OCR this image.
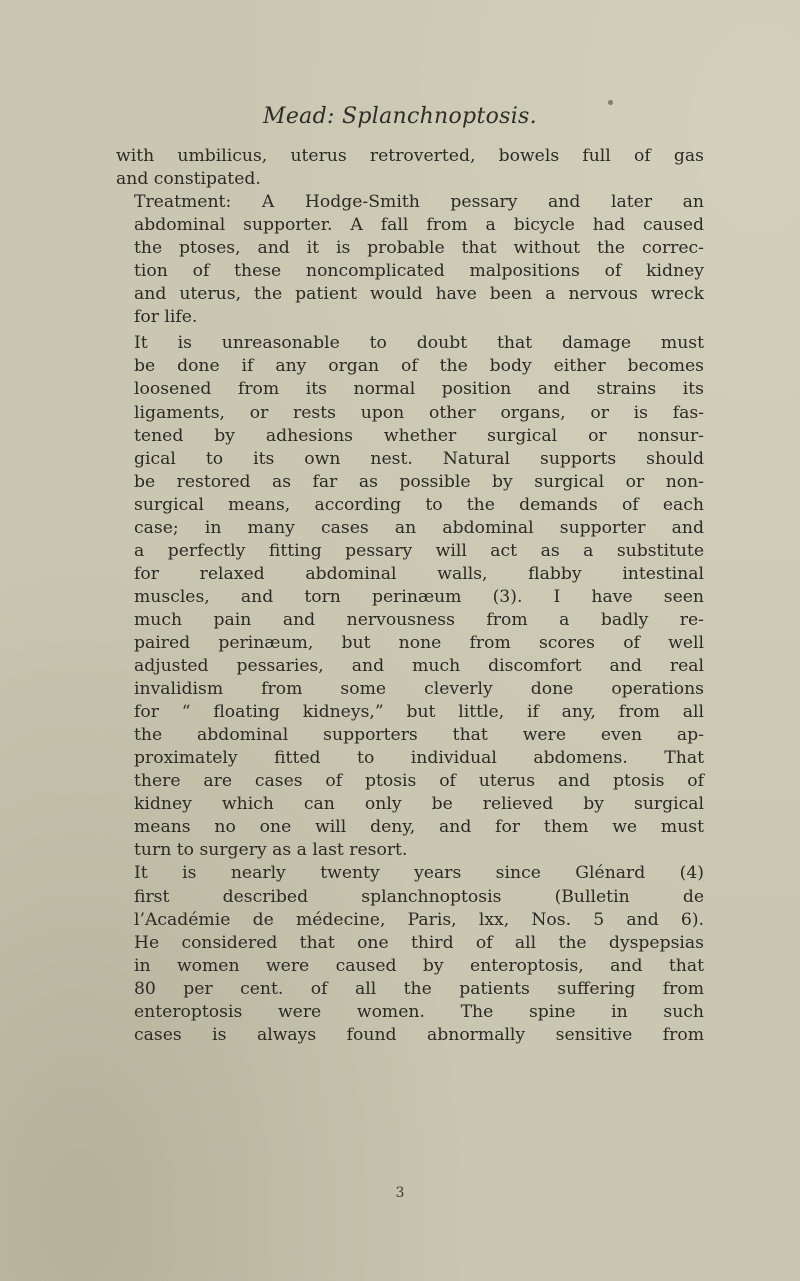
Mead: Splanchnoptosis.

with umbilicus, uterus retroverted, bowels full of gas
and constipated.

Treatment: A Hodge-Smith pessary and later an
abdominal supporter. A fall from a bicycle had caused
the ptoses, and it is probable that without the correc-
tion of these noncomplicated malpositions of kidney
and uterus, the patient would have been a nervous wreck
for life.

It is unreasonable to doubt that damage must
be done if any organ of the body either becomes
loosened from its normal position and strains its
ligaments, or rests upon other organs, or is fas-
tened by adhesions whether surgical or nonsur-
gical to its own nest. Natural supports should
be restored as far as possible by surgical or non-
surgical means, according to the demands of each
case; in many cases an abdominal supporter and
a perfectly fitting pessary will act as a substitute
for relaxed abdominal walls, flabby intestinal
muscles, and torn perinæum (3). I have seen
much pain and nervousness from a badly re-
paired perinæum, but none from scores of well
adjusted pessaries, and much discomfort and real
invalidism from some cleverly done operations
for “ floating kidneys,” but little, if any, from all
the abdominal supporters that were even ap-
proximately fitted to individual abdomens. That
there are cases of ptosis of uterus and ptosis of
kidney which can only be relieved by surgical
means no one will deny, and for them we must
turn to surgery as a last resort.

It is nearly twenty years since Glénard (4)
first described splanchnoptosis (Bulletin de
l’Académie de médecine, Paris, lxx, Nos. 5 and 6).
He considered that one third of all the dyspepsias
in women were caused by enteroptosis, and that
80 per cent. of all the patients suffering from
enteroptosis were women. The spine in such
cases is always found abnormally sensitive from

3
